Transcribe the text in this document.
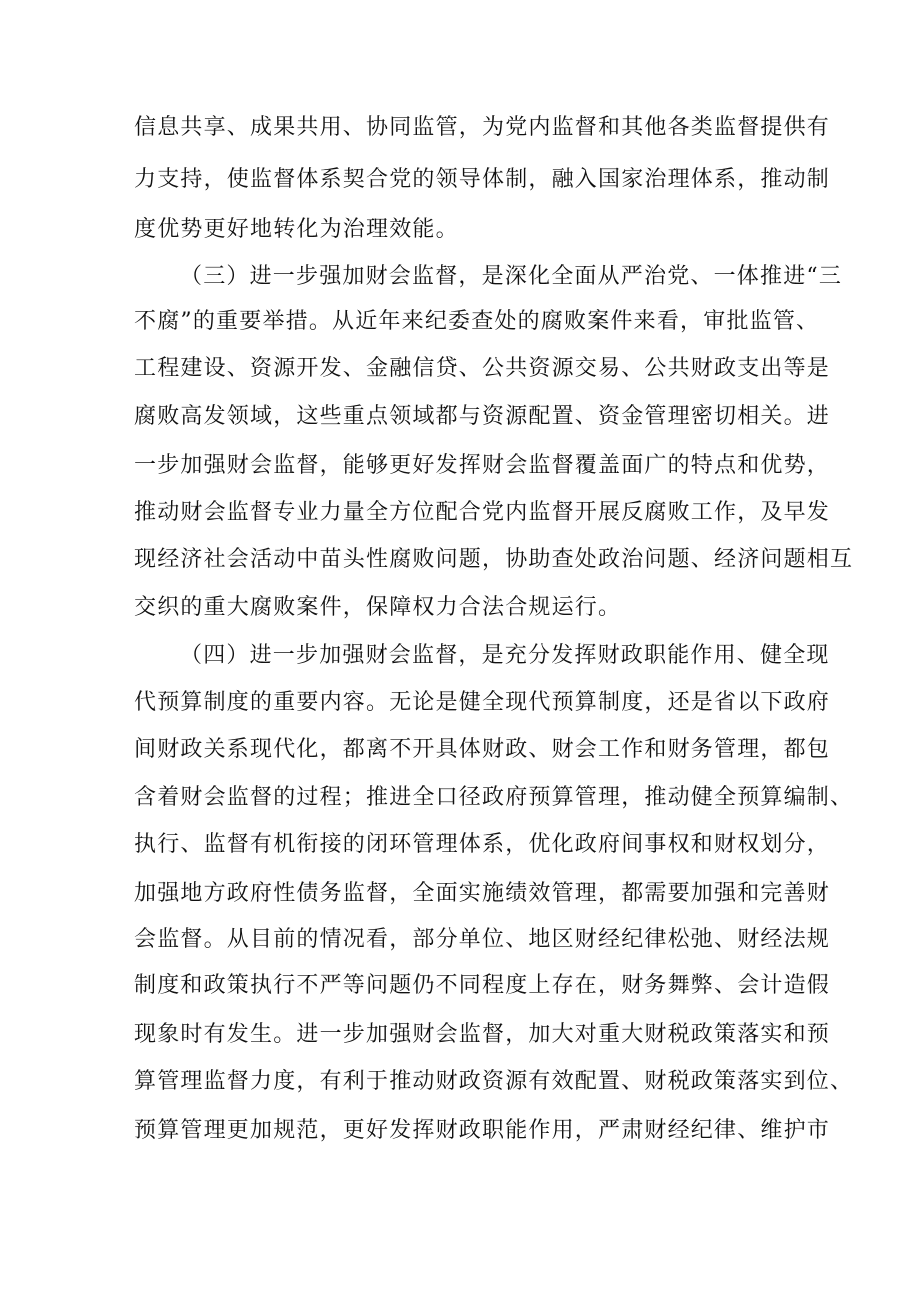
信息共享、成果共用、协同监管，为党内监督和其他各类监督提供有
力支持，使监督体系契合党的领导体制，融入国家治理体系，推动制
度优势更好地转化为治理效能。
（三）进一步强加财会监督，是深化全面从严治党、一体推进“三
不腐”的重要举措。从近年来纪委查处的腐败案件来看，审批监管、
工程建设、资源开发、金融信贷、公共资源交易、公共财政支出等是
腐败高发领域，这些重点领域都与资源配置、资金管理密切相关。进
一步加强财会监督，能够更好发挥财会监督覆盖面广的特点和优势，
推动财会监督专业力量全方位配合党内监督开展反腐败工作，及早发
现经济社会活动中苗头性腐败问题，协助查处政治问题、经济问题相互
交织的重大腐败案件，保障权力合法合规运行。
（四）进一步加强财会监督，是充分发挥财政职能作用、健全现
代预算制度的重要内容。无论是健全现代预算制度，还是省以下政府
间财政关系现代化，都离不开具体财政、财会工作和财务管理，都包
含着财会监督的过程；推进全口径政府预算管理，推动健全预算编制、
执行、监督有机衔接的闭环管理体系，优化政府间事权和财权划分，
加强地方政府性债务监督，全面实施绩效管理，都需要加强和完善财
会监督。从目前的情况看，部分单位、地区财经纪律松弛、财经法规
制度和政策执行不严等问题仍不同程度上存在，财务舞弊、会计造假
现象时有发生。进一步加强财会监督，加大对重大财税政策落实和预
算管理监督力度，有利于推动财政资源有效配置、财税政策落实到位、
预算管理更加规范，更好发挥财政职能作用，严肃财经纪律、维护市
